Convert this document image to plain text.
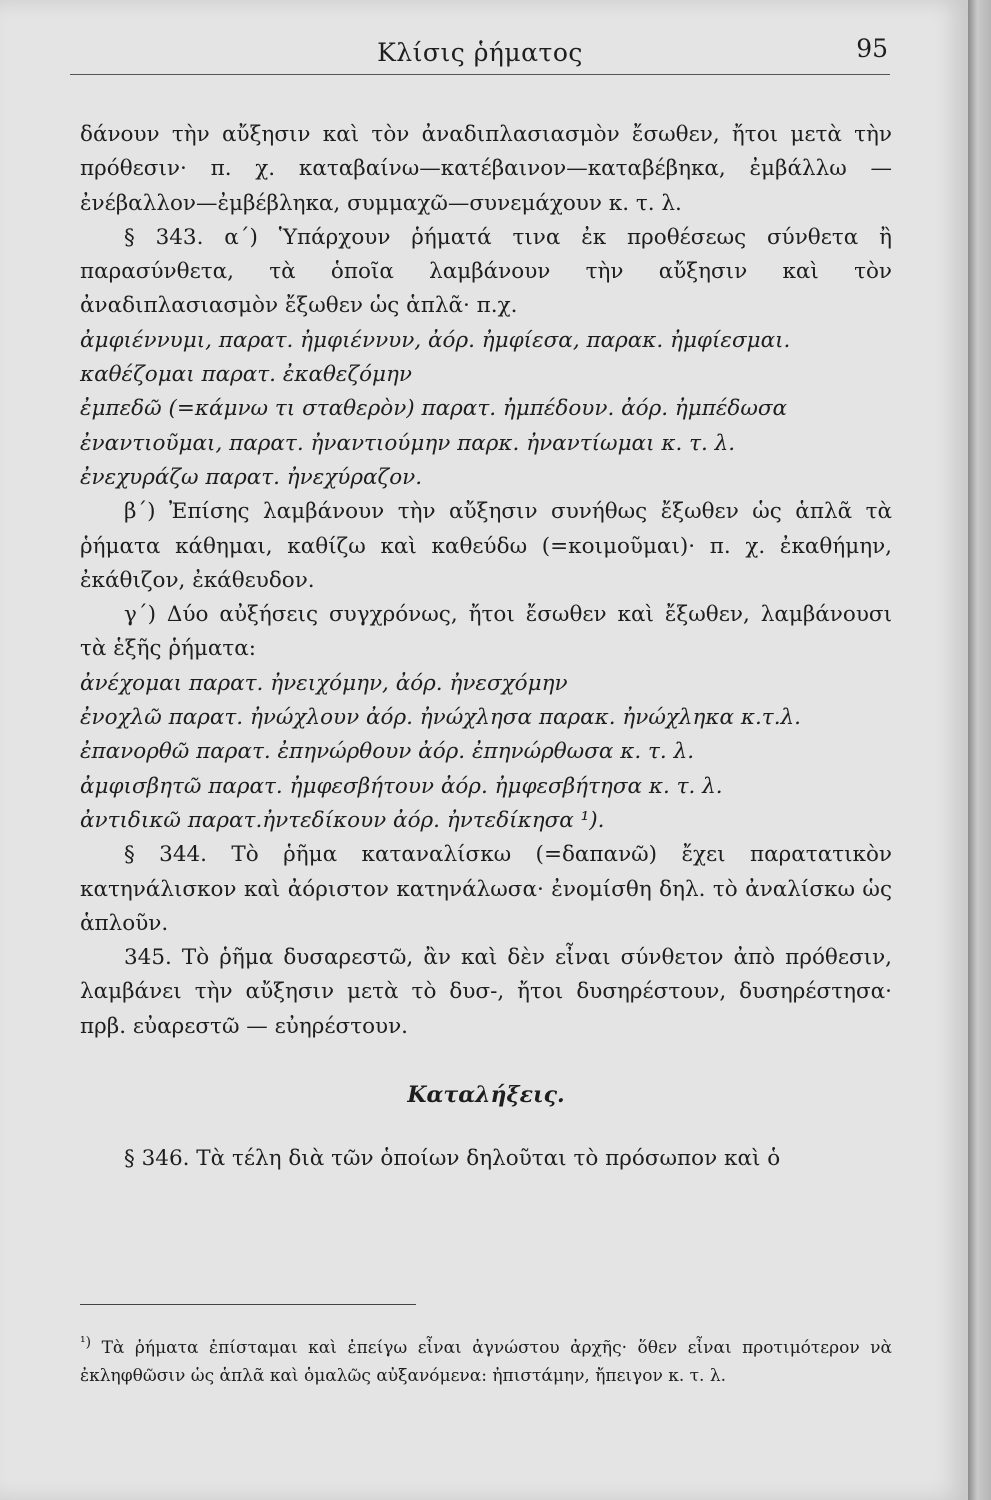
Κλίσις ῥήματος	95

δάνουν τὴν αὔξησιν καὶ τὸν ἀναδιπλασιασμὸν ἔσωθεν, ἤτοι μετὰ τὴν πρόθεσιν· π. χ. καταβαίνω—κατέβαινον—καταβέβηκα, ἐμβάλλω —ἐνέβαλλον—ἐμβέβληκα, συμμαχῶ—συνεμάχουν κ. τ. λ.

§ 343. α΄) Ὑπάρχουν ῥήματά τινα ἐκ προθέσεως σύνθετα ἢ παρασύνθετα, τὰ ὁποῖα λαμβάνουν τὴν αὔξησιν καὶ τὸν ἀναδιπλασιασμὸν ἔξωθεν ὡς ἁπλᾶ· π.χ.

ἀμφιέννυμι, παρατ. ἠμφιέννυν, ἀόρ. ἠμφίεσα, παρακ. ἠμφίεσμαι.

καθέζομαι παρατ. ἐκαθεζόμην

ἐμπεδῶ (=κάμνω τι σταθερὸν) παρατ. ἠμπέδουν. ἀόρ. ἠμπέδωσα

ἐναντιοῦμαι, παρατ. ἠναντιούμην παρκ. ἠναντίωμαι κ. τ. λ.

ἐνεχυράζω παρατ. ἠνεχύραζον.

β΄) Ἐπίσης λαμβάνουν τὴν αὔξησιν συνήθως ἔξωθεν ὡς ἁπλᾶ τὰ ῥήματα κάθημαι, καθίζω καὶ καθεύδω (=κοιμοῦμαι)· π. χ. ἐκαθήμην, ἐκάθιζον, ἐκάθευδον.

γ΄) Δύο αὐξήσεις συγχρόνως, ἤτοι ἔσωθεν καὶ ἔξωθεν, λαμβάνουσι τὰ ἑξῆς ῥήματα:

ἀνέχομαι παρατ. ἠνειχόμην, ἀόρ. ἠνεσχόμην

ἐνοχλῶ παρατ. ἠνώχλουν ἀόρ. ἠνώχλησα παρακ. ἠνώχληκα κ.τ.λ.

ἐπανορθῶ παρατ. ἐπηνώρθουν ἀόρ. ἐπηνώρθωσα κ. τ. λ.

ἀμφισβητῶ παρατ. ἠμφεσβήτουν ἀόρ. ἠμφεσβήτησα κ. τ. λ.

ἀντιδικῶ παρατ.ἠντεδίκουν ἀόρ. ἠντεδίκησα ¹).

§ 344. Τὸ ῥῆμα καταναλίσκω (=δαπανῶ) ἔχει παρατατικὸν κατηνάλισκον καὶ ἀόριστον κατηνάλωσα· ἐνομίσθη δηλ. τὸ ἀναλίσκω ὡς ἁπλοῦν.

345. Τὸ ῥῆμα δυσαρεστῶ, ἂν καὶ δὲν εἶναι σύνθετον ἀπὸ πρόθεσιν, λαμβάνει τὴν αὔξησιν μετὰ τὸ δυσ-, ἤτοι δυσηρέστουν, δυσηρέστησα· πρβ. εὐαρεστῶ — εὐηρέστουν.

Καταλήξεις.

§ 346. Τὰ τέλη διὰ τῶν ὁποίων δηλοῦται τὸ πρόσωπον καὶ ὁ

$^{^1)}$ Τὰ ῥήματα ἐπίσταμαι καὶ ἐπείγω εἶναι ἀγνώστου ἀρχῆς· ὅθεν εἶναι προτιμότερον νὰ ἐκληφθῶσιν ὡς ἁπλᾶ καὶ ὁμαλῶς αὐξανόμενα: ἠπιστάμην, ἤπειγον κ. τ. λ.
